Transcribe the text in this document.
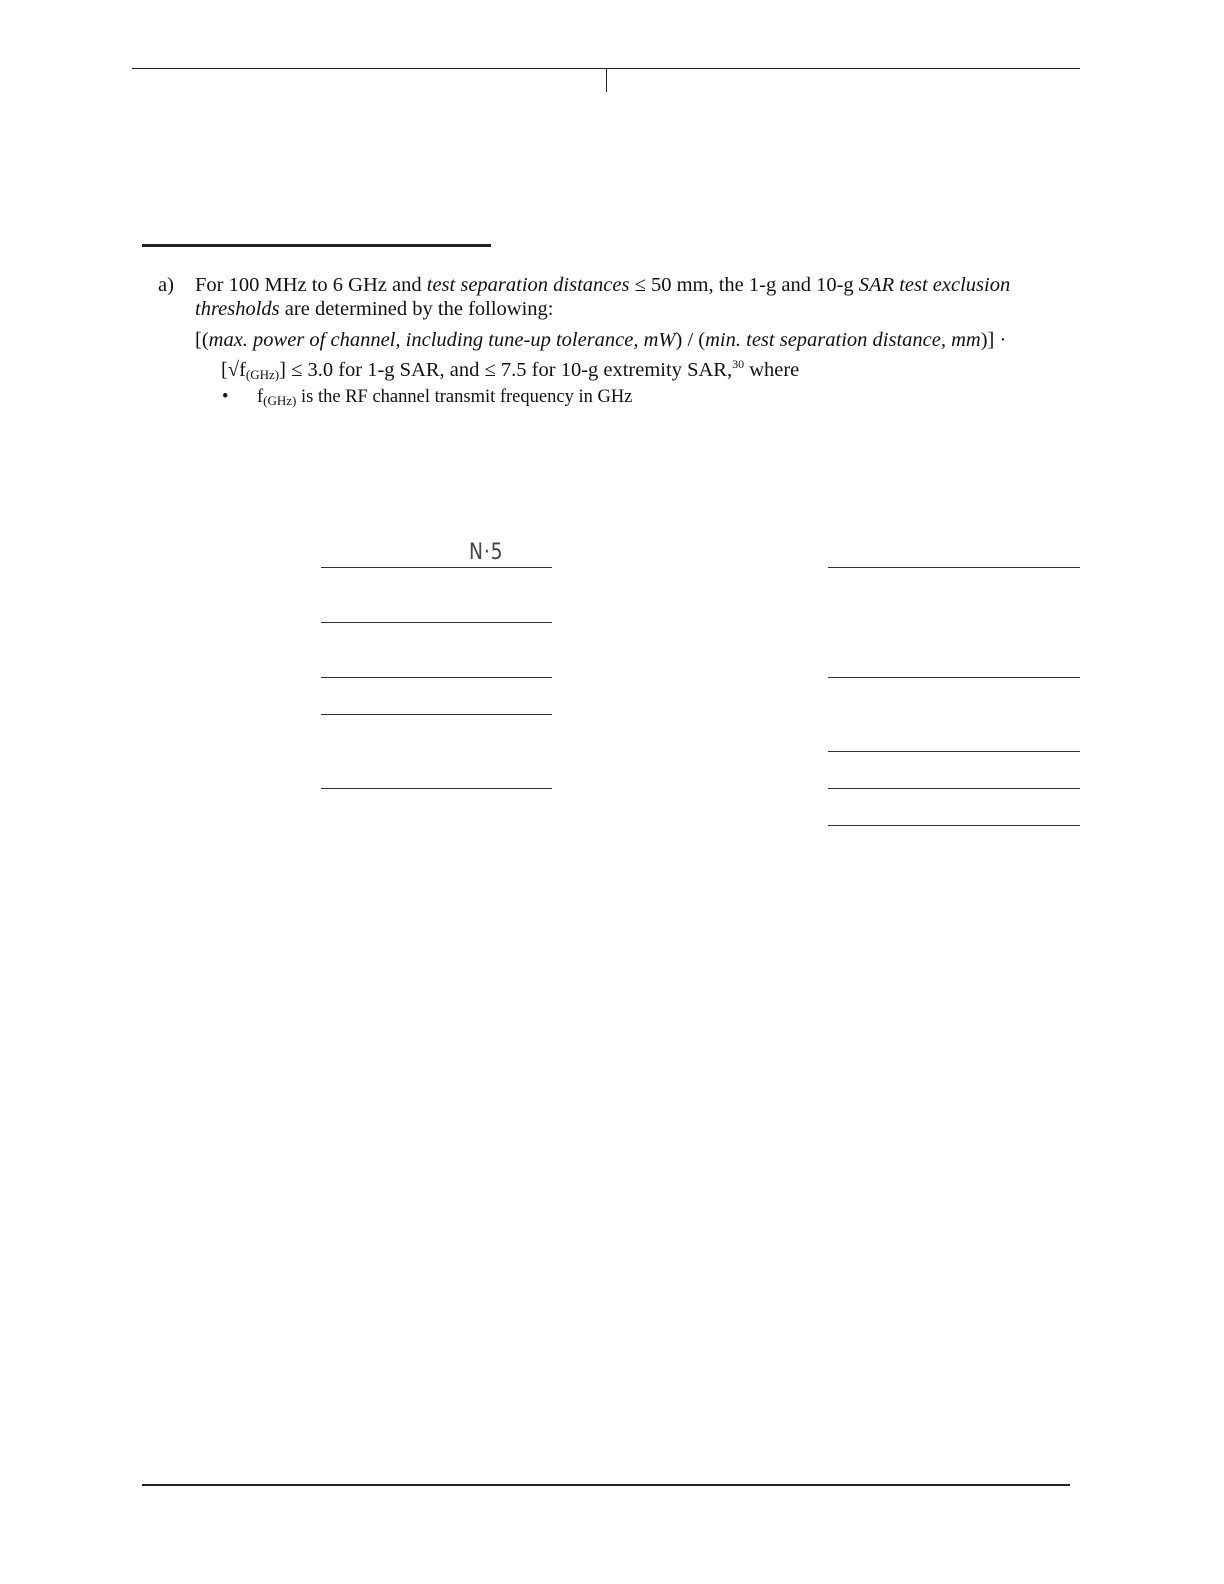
a) For 100 MHz to 6 GHz and test separation distances ≤ 50 mm, the 1-g and 10-g SAR test exclusion
thresholds are determined by the following:
[(max. power of channel, including tune-up tolerance, mW) / (min. test separation distance, mm)] ·
$[√f_{(GHz)}] \le 3.0$ for 1-g SAR, and ≤ 7.5 for 10-g extremity SAR,$^{30}$ where
• $f_{(GHz)}$ is the RF channel transmit frequency in GHz
N·5
